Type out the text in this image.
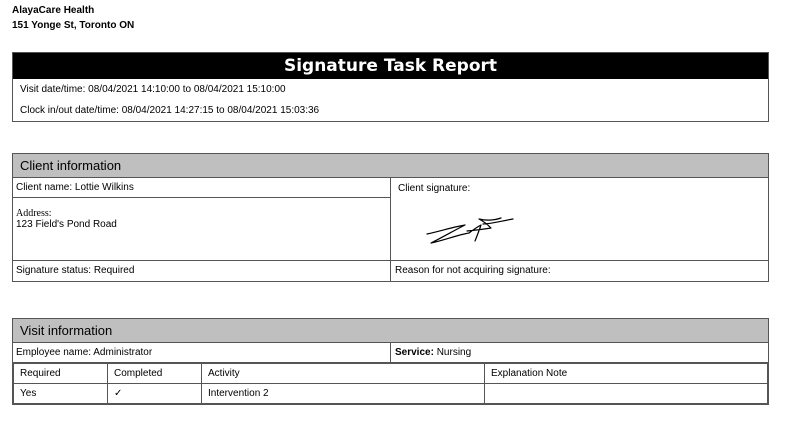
AlayaCare Health
151 Yonge St, Toronto ON
Signature Task Report
Visit date/time: 08/04/2021 14:10:00 to 08/04/2021 15:10:00
Clock in/out date/time: 08/04/2021 14:27:15 to 08/04/2021 15:03:36
Client information
Client name: Lottie Wilkins
Address:
123 Field's Pond Road
Client signature:
Signature status: Required	Reason for not acquiring signature:
Visit information
Employee name: Administrator	Service: Nursing
Required	Completed	Activity	Explanation Note
Yes	✓	Intervention 2	
